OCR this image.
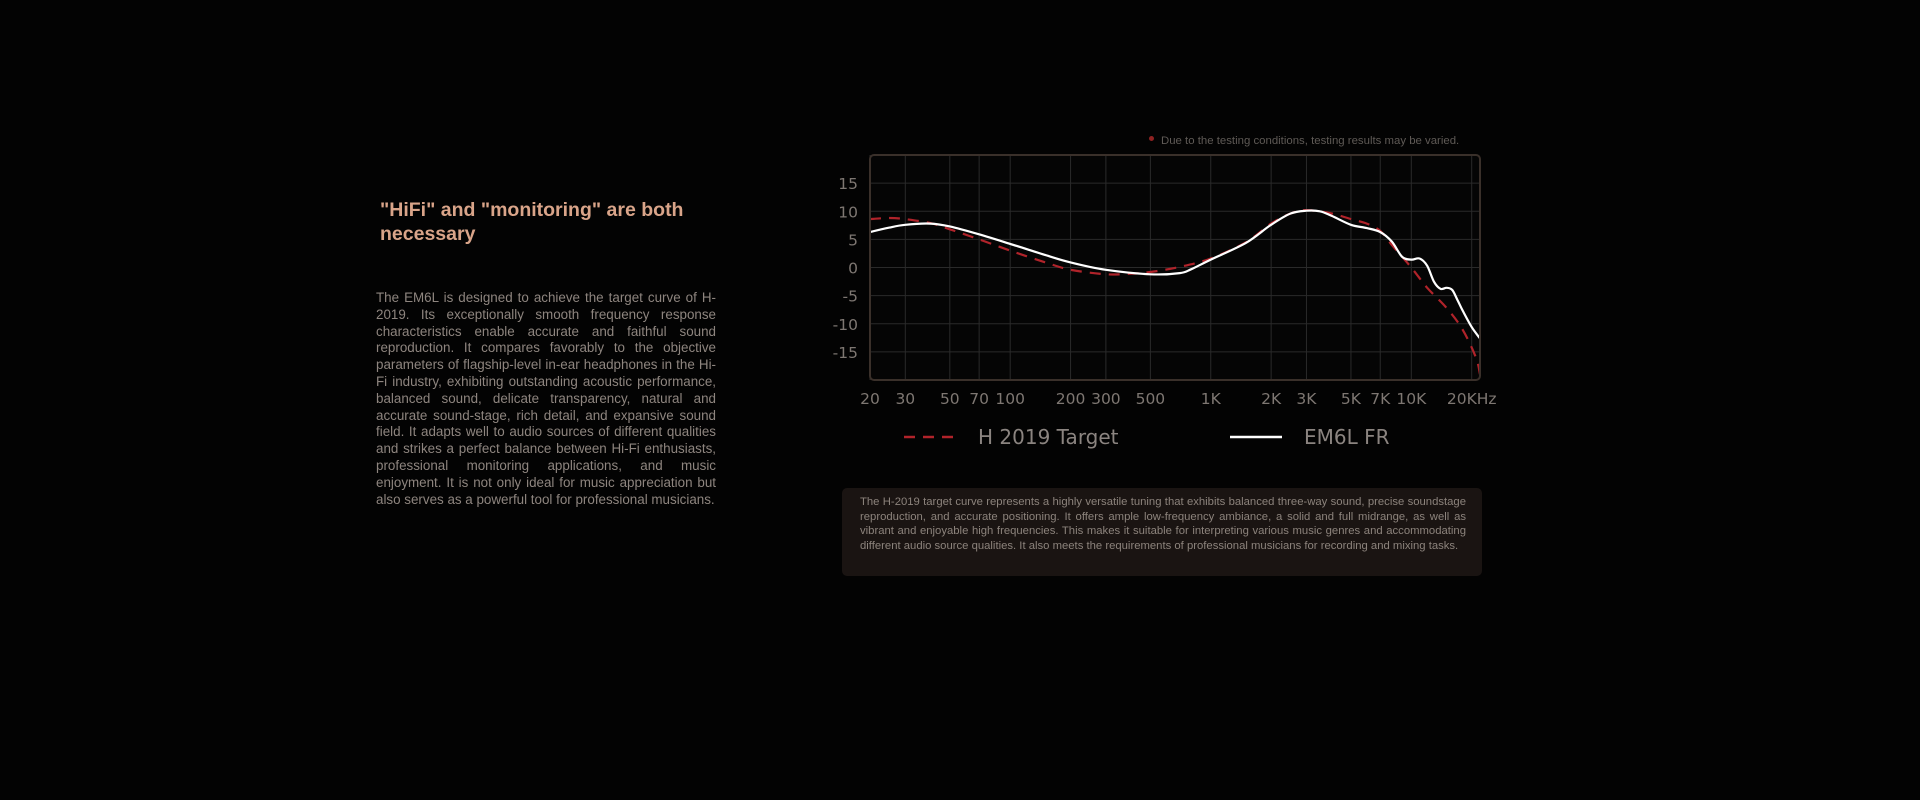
"HiFi" and "monitoring" are both necessary

The EM6L is designed to achieve the target curve of H-2019. Its exceptionally smooth frequency response characteristics enable accurate and faithful sound reproduction. It compares favorably to the objective parameters of flagship-level in-ear headphones in the Hi-Fi industry, exhibiting outstanding acoustic performance, balanced sound, delicate transparency, natural and accurate sound-stage, rich detail, and expansive sound field. It adapts well to audio sources of different qualities and strikes a perfect balance between Hi-Fi enthusiasts, professional monitoring applications, and music enjoyment. It is not only ideal for music appreciation but also serves as a powerful tool for professional musicians.

Due to the testing conditions, testing results may be varied.
15
10
5
0
-5
-10
-15
20 30 50 70 100 200 300 500 1K	2K 3K 5K 7K 10K 20KHz
H 2019 Target	EM6L FR

The H-2019 target curve represents a highly versatile tuning that exhibits balanced three-way sound, precise soundstage reproduction, and accurate positioning. It offers ample low-frequency ambiance, a solid and full midrange, as well as vibrant and enjoyable high frequencies. This makes it suitable for interpreting various music genres and accommodating different audio source qualities. It also meets the requirements of professional musicians for recording and mixing tasks.
